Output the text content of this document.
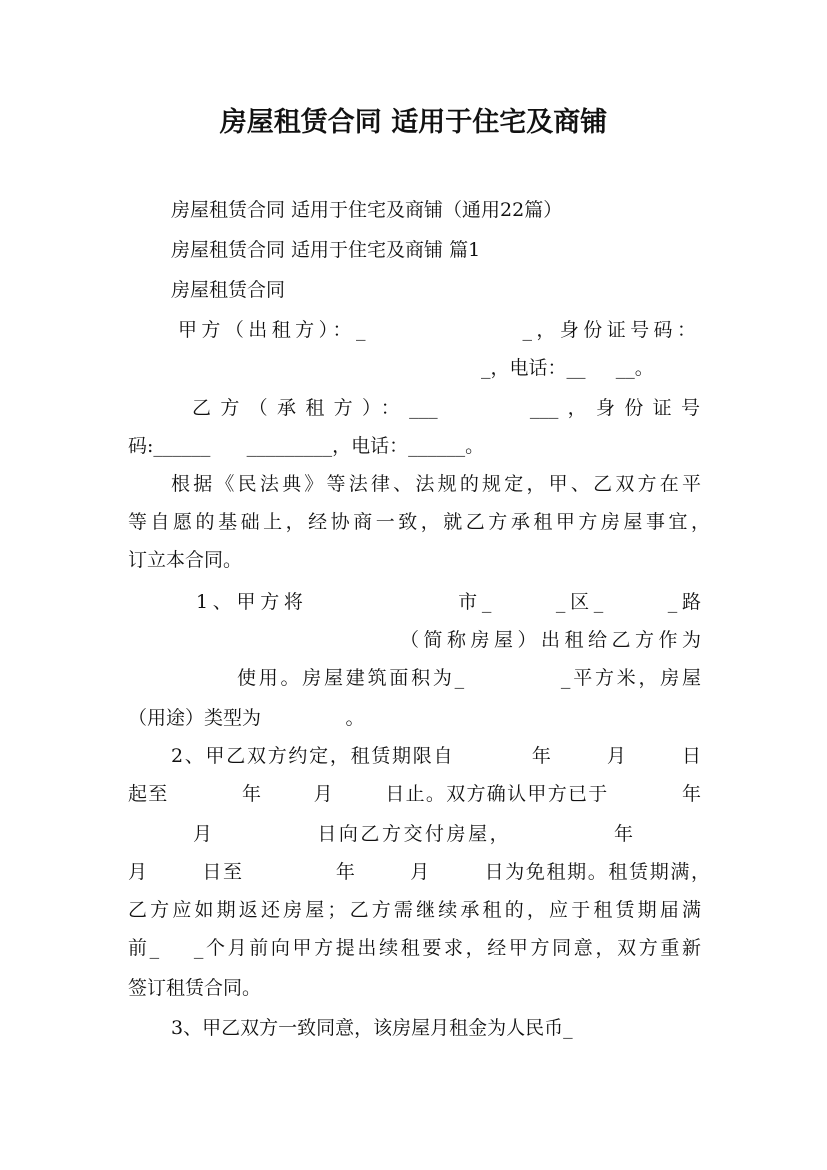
房屋租赁合同 适用于住宅及商铺
房屋租赁合同 适用于住宅及商铺（通用22篇）
房屋租赁合同 适用于住宅及商铺 篇1
房屋租赁合同
甲方（出租方）：_               _，身份证号码：
_，电话：__     __。
乙方（承租方）：___      ___，身份证号
码:______      _________，电话：______。
根据《民法典》等法律、法规的规定，甲、乙双方在平
等自愿的基础上，经协商一致，就乙方承租甲方房屋事宜，
订立本合同。
1、甲方将              市_      _区_      _路
（简称房屋）出租给乙方作为
使用。房屋建筑面积为_           _平方米，房屋
（用途）类型为              。
2、甲乙双方约定，租赁期限自          年       月       日
起至          年       月       日止。双方确认甲方已于          年
月            日向乙方交付房屋，            年
月       日至            年       月       日为免租期。租赁期满，
乙方应如期返还房屋；乙方需继续承租的，应于租赁期届满
前_    _个月前向甲方提出续租要求，经甲方同意，双方重新
签订租赁合同。
3、甲乙双方一致同意，该房屋月租金为人民币_
